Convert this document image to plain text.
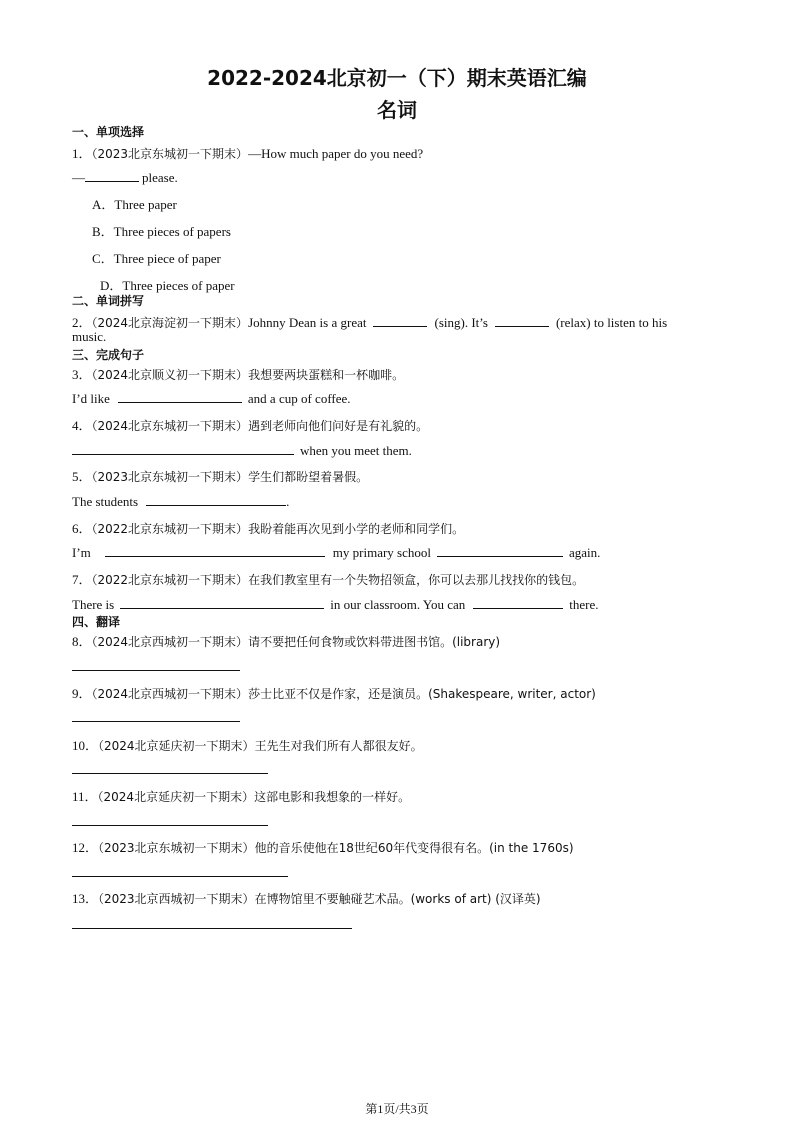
2022-2024北京初一（下）期末英语汇编
名词
一、单项选择
1．（2023北京东城初一下期末）—How much paper do you need?
—	please.
A．Three paper
B．Three pieces of papers
C．Three piece of paper
D．Three pieces of paper
二、单词拼写
2．（2024北京海淀初一下期末）Johnny Dean is a great	(sing). It’s	(relax) to listen to his
music.
三、完成句子
3．（2024北京顺义初一下期末）我想要两块蛋糕和一杯咖啡。
I’d like	and a cup of coffee.
4．（2024北京东城初一下期末）遇到老师向他们问好是有礼貌的。
when you meet them.
5．（2023北京东城初一下期末）学生们都盼望着暑假。
The students	.
6．（2022北京东城初一下期末）我盼着能再次见到小学的老师和同学们。
I’m	my primary school	again.
7．（2022北京东城初一下期末）在我们教室里有一个失物招领盒，你可以去那儿找找你的钱包。
There is	in our classroom. You can	there.
四、翻译
8．（2024北京西城初一下期末）请不要把任何食物或饮料带进图书馆。(library)
9．（2024北京西城初一下期末）莎士比亚不仅是作家，还是演员。(Shakespeare, writer, actor)
10．（2024北京延庆初一下期末）王先生对我们所有人都很友好。
11．（2024北京延庆初一下期末）这部电影和我想象的一样好。
12．（2023北京东城初一下期末）他的音乐使他在18世纪60年代变得很有名。(in the 1760s)
13．（2023北京西城初一下期末）在博物馆里不要触碰艺术品。(works of art) (汉译英)
第1页/共3页
